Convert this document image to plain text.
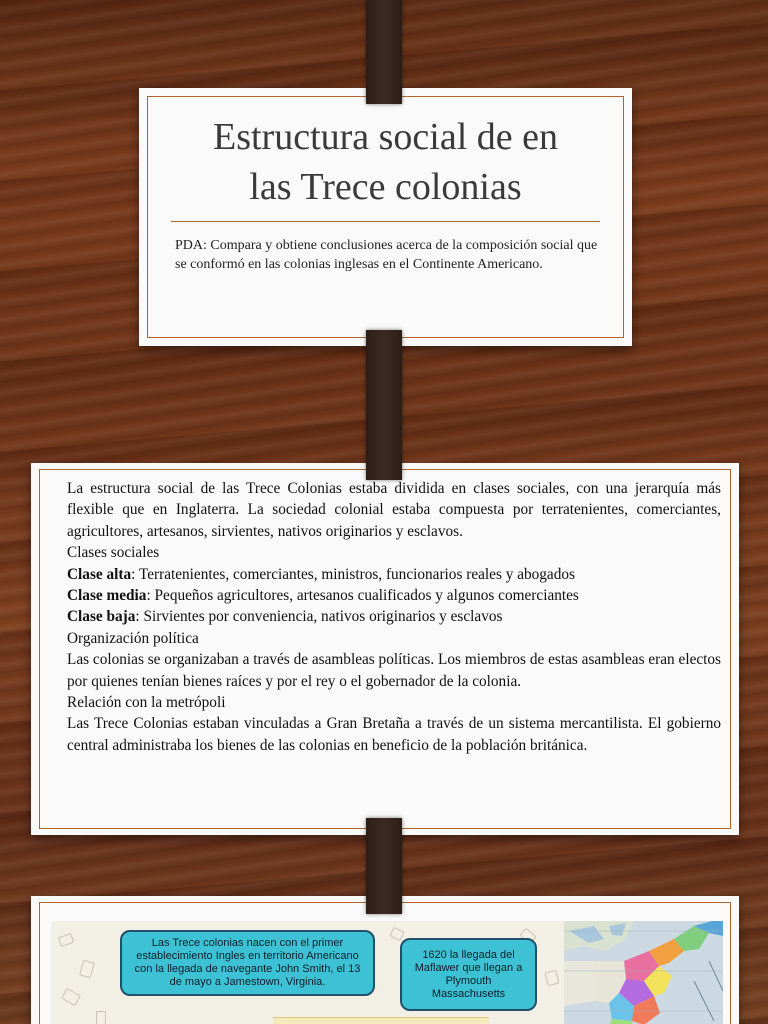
Estructura social de en
las Trece colonias
PDA: Compara y obtiene conclusiones acerca de la composición social que se conformó en las colonias inglesas en el Continente Americano.

La estructura social de las Trece Colonias estaba dividida en clases sociales, con una jerarquía más flexible que en Inglaterra. La sociedad colonial estaba compuesta por terratenientes, comerciantes, agricultores, artesanos, sirvientes, nativos originarios y esclavos.

Clases sociales
Clase alta: Terratenientes, comerciantes, ministros, funcionarios reales y abogados
Clase media: Pequeños agricultores, artesanos cualificados y algunos comerciantes
Clase baja: Sirvientes por conveniencia, nativos originarios y esclavos
Organización política

Las colonias se organizaban a través de asambleas políticas. Los miembros de estas asambleas eran electos por quienes tenían bienes raíces y por el rey o el gobernador de la colonia.

Relación con la metrópoli

Las Trece Colonias estaban vinculadas a Gran Bretaña a través de un sistema mercantilista. El gobierno central administraba los bienes de las colonias en beneficio de la población británica.

Las Trece colonias nacen con el primer establecimiento Ingles en territorio Americano con la llegada de navegante John Smith, el 13 de mayo a Jamestown, Virginia.
1620 la llegada del Maflawer que llegan a Plymouth Massachusetts
